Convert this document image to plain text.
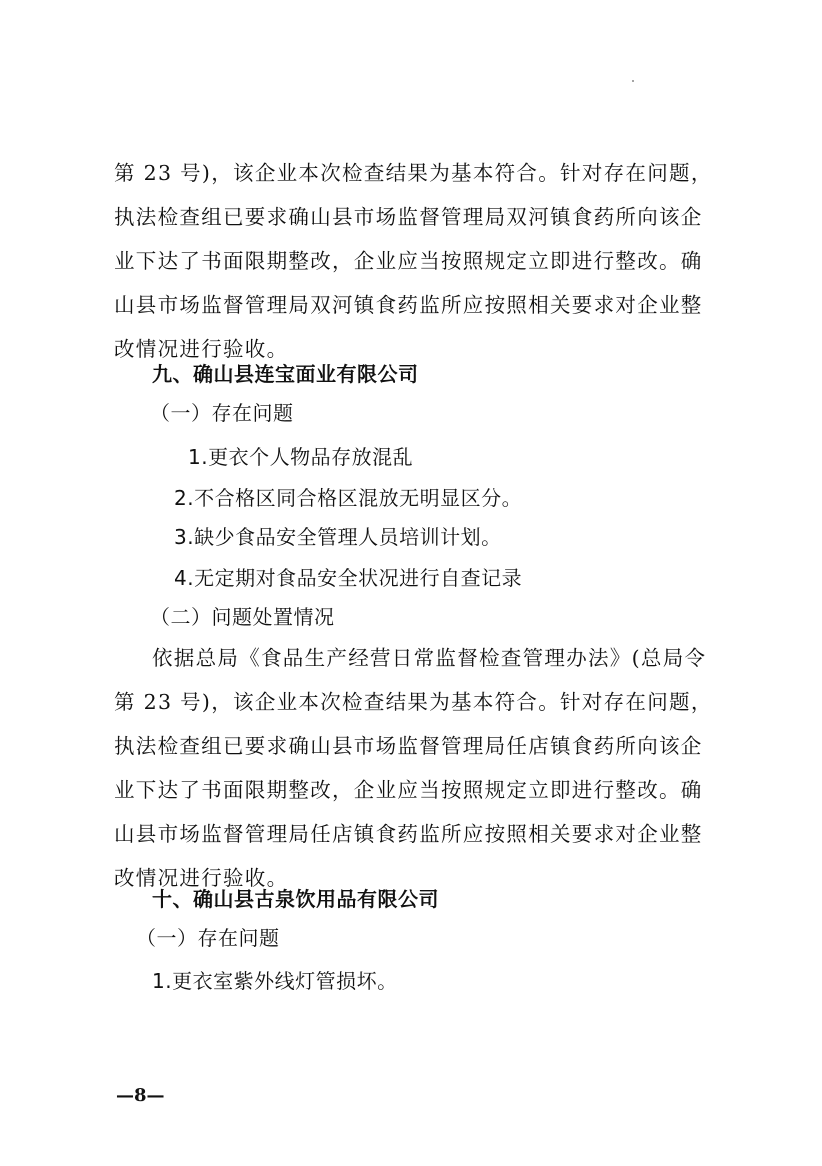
第 23 号)，该企业本次检查结果为基本符合。针对存在问题，
执法检查组已要求确山县市场监督管理局双河镇食药所向该企
业下达了书面限期整改，企业应当按照规定立即进行整改。确
山县市场监督管理局双河镇食药监所应按照相关要求对企业整
改情况进行验收。
九、确山县连宝面业有限公司
（一）存在问题
1.更衣个人物品存放混乱
2.不合格区同合格区混放无明显区分。
3.缺少食品安全管理人员培训计划。
4.无定期对食品安全状况进行自查记录
（二）问题处置情况
依据总局《食品生产经营日常监督检查管理办法》(总局令
第 23 号)，该企业本次检查结果为基本符合。针对存在问题，
执法检查组已要求确山县市场监督管理局任店镇食药所向该企
业下达了书面限期整改，企业应当按照规定立即进行整改。确
山县市场监督管理局任店镇食药监所应按照相关要求对企业整
改情况进行验收。
十、确山县古泉饮用品有限公司
（一）存在问题
1.更衣室紫外线灯管损坏。
—8—
